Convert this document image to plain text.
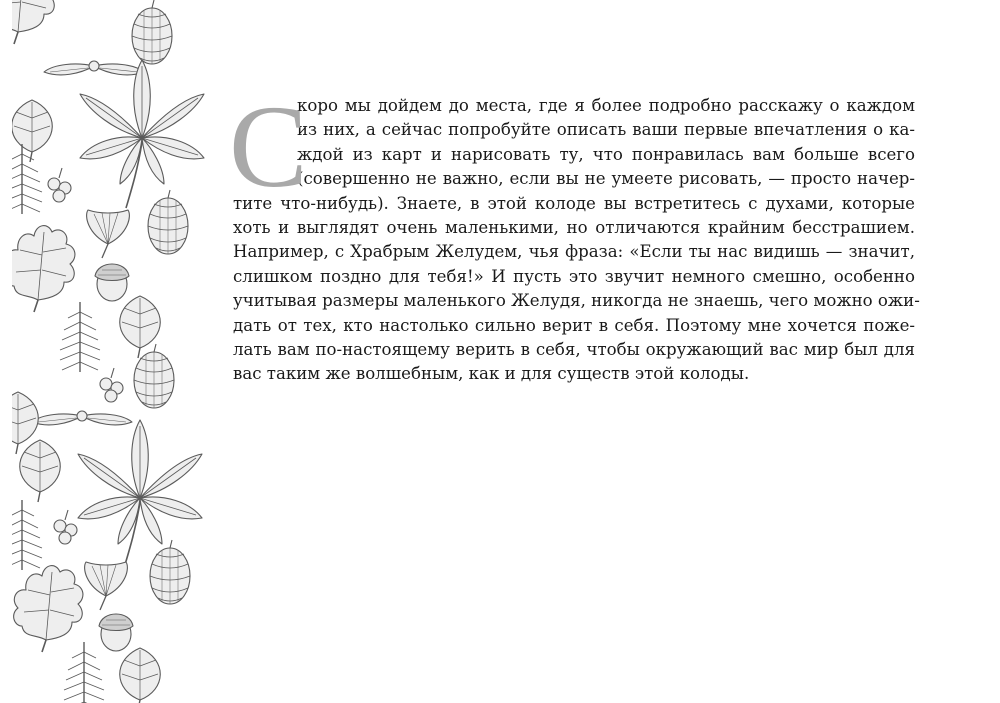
С
коро мы дойдем до места, где я более подробно расскажу о каждом
из них, а сейчас попробуйте описать ваши первые впечатления о ка-
ждой из карт и нарисовать ту, что понравилась вам больше всего
(совершенно не важно, если вы не умеете рисовать, — просто начер-
тите что-нибудь). Знаете, в этой колоде вы встретитесь с духами, которые
хоть и выглядят очень маленькими, но отличаются крайним бесстрашием.
Например, с Храбрым Желудем, чья фраза: «Если ты нас видишь — значит,
слишком поздно для тебя!» И пусть это звучит немного смешно, особенно
учитывая размеры маленького Желудя, никогда не знаешь, чего можно ожи-
дать от тех, кто настолько сильно верит в себя. Поэтому мне хочется поже-
лать вам по-настоящему верить в себя, чтобы окружающий вас мир был для
вас таким же волшебным, как и для существ этой колоды.
